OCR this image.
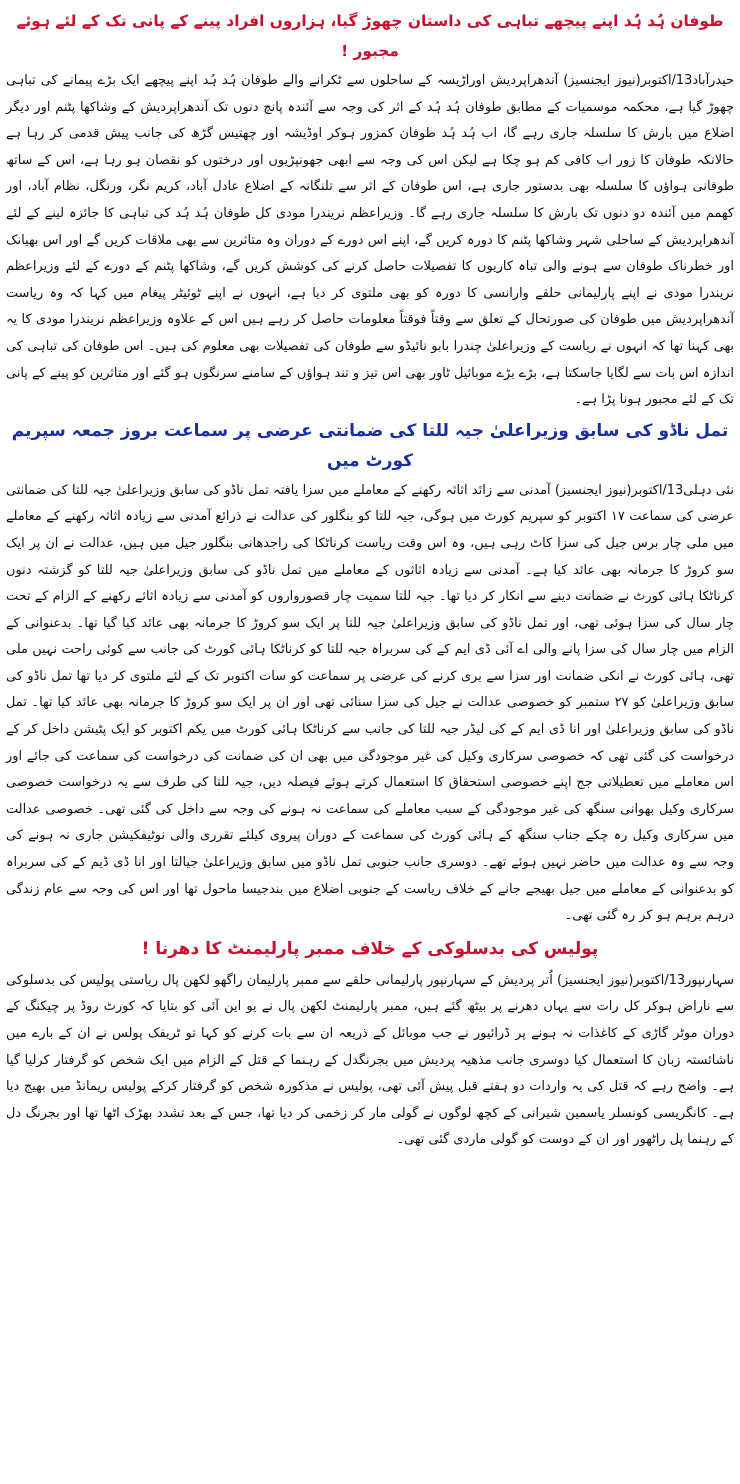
طوفان ہُد ہُد اپنے پیچھے تباہی کی داستان چھوڑ گیا، ہزاروں افراد پینے کے پانی تک کے لئے ہوئے مجبور !

حیدرآباد13/اکتوبر(نیوز ایجنسیز) آندھراپردیش اوراڑیسہ کے ساحلوں سے ٹکرانے والے طوفان ہُد ہُد اپنے پیچھے ایک بڑے پیمانے کی تباہی چھوڑ گیا ہے، محکمہ موسمیات کے مطابق طوفان ہُد ہُد کے اثر کی وجہ سے آئندہ پانچ دنوں تک آندھراپردیش کے وشاکھا پٹنم اور دیگر اضلاع میں بارش کا سلسلہ جاری رہے گا، اب ہُد ہُد طوفان کمزور ہوکر اوڈیشہ اور چھتیس گڑھ کی جانب پیش قدمی کر رہا ہے حالانکہ طوفان کا زور اب کافی کم ہو چکا ہے لیکن اس کی وجہ سے ابھی جھونپڑیوں اور درختوں کو نقصان ہو رہا ہے، اس کے ساتھ طوفانی ہواؤں کا سلسلہ بھی بدستور جاری ہے، اس طوفان کے اثر سے تلنگانہ کے اضلاع عادل آباد، کریم نگر، ورنگل، نظام آباد، اور کھمم میں آئندہ دو دنوں تک بارش کا سلسلہ جاری رہے گا۔ وزیراعظم نریندرا مودی کل طوفان ہُد ہُد کی تباہی کا جائزہ لینے کے لئے آندھراپردیش کے ساحلی شہر وشاکھا پٹنم کا دورہ کریں گے، اپنے اس دورے کے دوران وہ متاثرین سے بھی ملاقات کریں گے اور اس بھیانک اور خطرناک طوفان سے ہونے والی تباہ کاریوں کا تفصیلات حاصل کرنے کی کوشش کریں گے، وشاکھا پٹنم کے دورے کے لئے وزیراعظم نریندرا مودی نے اپنے پارلیمانی حلقے وارانسی کا دورہ کو بھی ملتوی کر دیا ہے، انہوں نے اپنے ٹوئیٹر پیغام میں کہا کہ وہ ریاست آندھراپردیش میں طوفان کی صورتحال کے تعلق سے وقتاً فوقتاً معلومات حاصل کر رہے ہیں اس کے علاوہ وزیراعظم نریندرا مودی کا یہ بھی کہنا تھا کہ انہوں نے ریاست کے وزیراعلیٰ چندرا بابو نائیڈو سے طوفان کی تفصیلات بھی معلوم کی ہیں۔ اس طوفان کی تباہی کی اندازہ اس بات سے لگایا جاسکتا ہے، بڑے بڑے موبائیل ٹاور بھی اس تیز و تند ہواؤں کے سامنے سرنگوں ہو گئے اور متاثرین کو پینے کے پانی تک کے لئے مجبور ہونا پڑا ہے۔

تمل ناڈو کی سابق وزیراعلیٰ جیہ للتا کی ضمانتی عرضی پر سماعت بروز جمعہ سپریم کورٹ میں

نئی دہلی13/اکتوبر(نیوز ایجنسیز) آمدنی سے زائد اثاثہ رکھنے کے معاملے میں سزا یافتہ تمل ناڈو کی سابق وزیراعلیٰ جیہ للتا کی ضمانتی عرضی کی سماعت ۱۷ اکتوبر کو سپریم کورٹ میں ہوگی، جیہ للتا کو بنگلور کی عدالت نے ذرائع آمدنی سے زیادہ اثاثہ رکھنے کے معاملے میں ملی چار برس جیل کی سزا کاٹ رہی ہیں، وہ اس وقت ریاست کرناٹکا کی راجدھانی بنگلور جیل میں ہیں، عدالت نے ان پر ایک سو کروڑ کا جرمانہ بھی عائد کیا ہے۔ آمدنی سے زیادہ اثاثوں کے معاملے میں تمل ناڈو کی سابق وزیراعلیٰ جیہ للتا کو گزشتہ دنوں کرناٹکا ہائی کورٹ نے ضمانت دینے سے انکار کر دیا تھا۔ جیہ للتا سمیت چار قصورواروں کو آمدنی سے زیادہ اثاثے رکھنے کے الزام کے تحت چار سال کی سزا ہوئی تھی، اور تمل ناڈو کی سابق وزیراعلیٰ جیہ للتا پر ایک سو کروڑ کا جرمانہ بھی عائد کیا گیا تھا۔ بدعنوانی کے الزام میں چار سال کی سزا پانے والی اے آئی ڈی ایم کے کی سربراہ جیہ للتا کو کرناٹکا ہائی کورٹ کی جانب سے کوئی راحت نہیں ملی تھی، ہائی کورٹ نے انکی ضمانت اور سزا سے بری کرنے کی عرضی پر سماعت کو سات اکتوبر تک کے لئے ملتوی کر دیا تھا تمل ناڈو کی سابق وزیراعلیٰ کو ۲۷ ستمبر کو خصوصی عدالت نے جیل کی سزا سنائی تھی اور ان پر ایک سو کروڑ کا جرمانہ بھی عائد کیا تھا۔ تمل ناڈو کی سابق وزیراعلیٰ اور انا ڈی ایم کے کی لیڈر جیہ للتا کی جانب سے کرناٹکا ہائی کورٹ میں یکم اکتوبر کو ایک پٹیشن داخل کر کے درخواست کی گئی تھی کہ خصوصی سرکاری وکیل کی غیر موجودگی میں بھی ان کی ضمانت کی درخواست کی سماعت کی جائے اور اس معاملے میں تعطیلاتی جج اپنے خصوصی استحقاق کا استعمال کرتے ہوئے فیصلہ دیں، جیہ للتا کی طرف سے یہ درخواست خصوصی سرکاری وکیل بھوانی سنگھ کی غیر موجودگی کے سبب معاملے کی سماعت نہ ہونے کی وجہ سے داخل کی گئی تھی۔ خصوصی عدالت میں سرکاری وکیل رہ چکے جناب سنگھ کے ہائی کورٹ کی سماعت کے دوران پیروی کیلئے تقرری والی نوٹیفکیشن جاری نہ ہونے کی وجہ سے وہ عدالت میں حاضر نہیں ہوئے تھے۔ دوسری جانب جنوبی تمل ناڈو میں سابق وزیراعلیٰ جیالتا اور انا ڈی ڈیم کے کی سربراہ کو بدعنوانی کے معاملے میں جیل بھیجے جانے کے خلاف ریاست کے جنوبی اضلاع میں بندجیسا ماحول تھا اور اس کی وجہ سے عام زندگی درہم برہم ہو کر رہ گئی تھی۔

پولیس کی بدسلوکی کے خلاف ممبر پارلیمنٹ کا دھرنا !

سہارنپور13/اکتوبر(نیوز ایجنسیز) اُتر پردیش کے سہارنپور پارلیمانی حلقے سے ممبر پارلیمان راگھو لکھن پال ریاستی پولیس کی بدسلوکی سے ناراض ہوکر کل رات سے یہاں دھرنے پر بیٹھ گئے ہیں، ممبر پارلیمنٹ لکھن پال نے یو این آئی کو بتایا کہ کورٹ روڈ پر چیکنگ کے دوران موٹر گاڑی کے کاغذات نہ ہونے پر ڈرائیور نے جب موبائل کے ذریعہ ان سے بات کرنے کو کہا تو ٹریفک پولس نے ان کے بارے میں ناشائستہ زبان کا استعمال کیا دوسری جانب مذھیہ پردیش میں بجرنگدل کے رہنما کے قتل کے الزام میں ایک شخص کو گرفتار کرلیا گیا ہے۔ واضح رہے کہ قتل کی یہ واردات دو ہفتے قبل پیش آئی تھی، پولیس نے مذکورہ شخص کو گرفتار کرکے پولیس ریمانڈ میں بھیج دیا ہے۔ کانگریسی کونسلر یاسمین شیرانی کے کچھ لوگوں نے گولی مار کر زخمی کر دیا تھا، جس کے بعد تشدد بھڑک اٹھا تھا اور بجرنگ دل کے رہنما پل راٹھور اور ان کے دوست کو گولی ماردی گئی تھی۔
